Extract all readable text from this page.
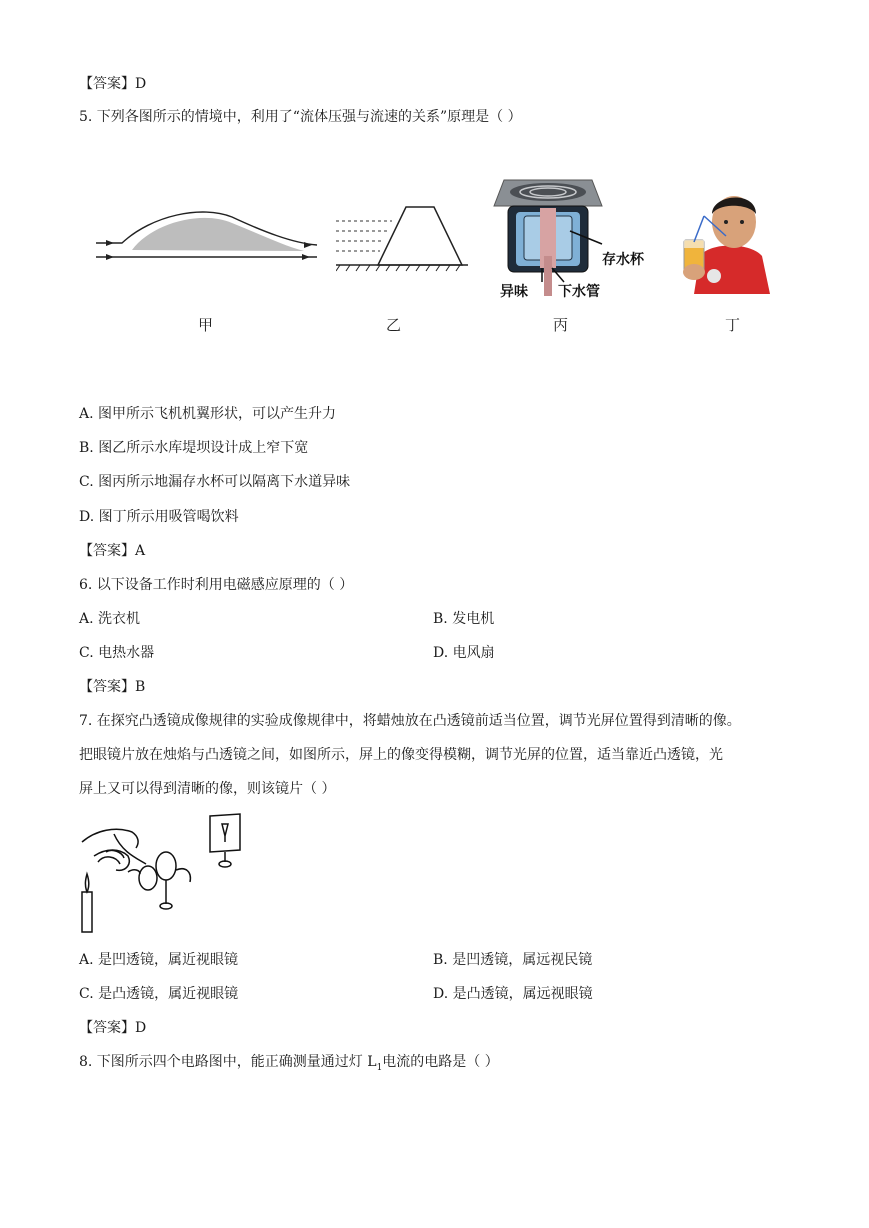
【答案】D
5. 下列各图所示的情境中，利用了“流体压强与流速的关系”原理是（ ）
存水杯
异味 下水管
甲	乙	丙	丁
A. 图甲所示飞机机翼形状，可以产生升力
B. 图乙所示水库堤坝设计成上窄下宽
C. 图丙所示地漏存水杯可以隔离下水道异味
D. 图丁所示用吸管喝饮料
【答案】A
6. 以下设备工作时利用电磁感应原理的（ ）
A. 洗衣机	B. 发电机
C. 电热水器	D. 电风扇
【答案】B
7. 在探究凸透镜成像规律的实验成像规律中，将蜡烛放在凸透镜前适当位置，调节光屏位置得到清晰的像。
把眼镜片放在烛焰与凸透镜之间，如图所示，屏上的像变得模糊，调节光屏的位置，适当靠近凸透镜，光
屏上又可以得到清晰的像，则该镜片（ ）
A. 是凹透镜，属近视眼镜	B. 是凹透镜，属远视民镜
C. 是凸透镜，属近视眼镜	D. 是凸透镜，属远视眼镜
【答案】D
8. 下图所示四个电路图中，能正确测量通过灯 $L_1$电流的电路是（ ）
